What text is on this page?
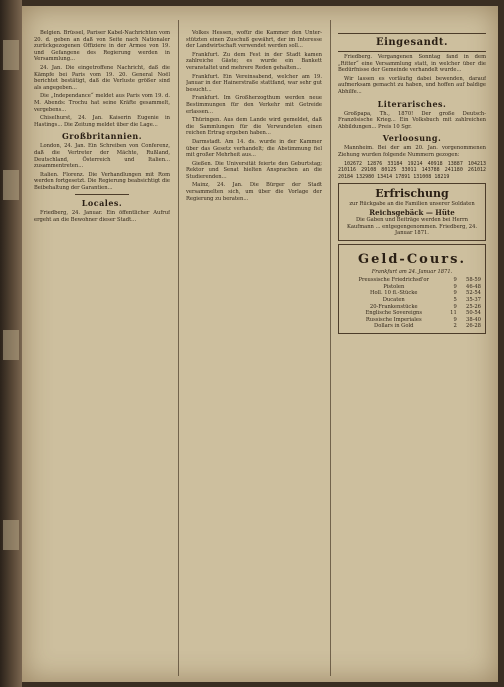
Belgien. Brüssel, Pariser Kabel-Nachrichten vom 20. d. geben an daß von Seite nach Nationaler zurückgezogenen Offiziere in der Armee von 19. und Gefangene des Regierung werden in Versammlung...

24. Jan. Die eingetroffene Nachricht, daß die Kämpfe bei Paris vom 19. 20. General Noël berichtet bestätigt, daß die Verluste größer sind als angegeben...

Die „Independance“ meldet aus Paris vom 19. d. M. Abends: Trochu hat seine Kräfte gesammelt, vergebens...

Chiselhurst, 24. Jan. Kaiserin Eugenie in Hastings... Die Zeitung meldet über die Lage...

Großbritannien.

London, 24. Jan. Ein Schreiben von Conferenz, daß die Vertreter der Mächte, Rußland, Deutschland, Österreich und Italien... zusammentreten...

Italien. Florenz. Die Verhandlungen mit Rom werden fortgesetzt. Die Regierung beabsichtigt die Beibehaltung der Garantien...

Locales.

Friedberg, 24. Januar. Ein öffentlicher Aufruf ergeht an die Bewohner dieser Stadt...

Volkes Hessen, wofür die Kammer den Unterstützten einen Zuschuß gewährt, der im Interesse der Landwirtschaft verwendet werden soll...

Frankfurt. Zu dem Fest in der Stadt kamen zahlreiche Gäste; es wurde ein Bankett veranstaltet und mehrere Reden gehalten...

Frankfurt. Ein Vereinsabend, welcher am 19. Januar in der Hainerstraße stattfand, war sehr gut besucht...

Frankfurt. Im Großherzogthum werden neue Bestimmungen für den Verkehr mit Getreide erlassen...

Thüringen. Aus dem Lande wird gemeldet, daß die Sammlungen für die Verwundeten einen reichen Ertrag ergeben haben...

Darmstadt. Am 14. ds. wurde in der Kammer über das Gesetz verhandelt; die Abstimmung fiel mit großer Mehrheit aus...

Gießen. Die Universität feierte den Geburtstag; Rektor und Senat hielten Ansprachen an die Studierenden...

Mainz, 24. Jan. Die Bürger der Stadt versammelten sich, um über die Vorlage der Regierung zu beraten...

Eingesandt.

Friedberg. Vergangenen Sonntag fand in dem „Ritter“ eine Versammlung statt, in welcher über die Bedürfnisse der Gemeinde verhandelt wurde...

Wir lassen es vorläufig dabei bewenden, darauf aufmerksam gemacht zu haben, und hoffen auf baldige Abhilfe...

Literarisches.

Großpapa, Th., 1870! Der große Deutsch-Französische Krieg... Ein Volksbuch mit zahlreichen Abbildungen... Preis 10 Sgr.

Verloosung.

Mannheim. Bei der am 20. Jan. vorgenommenen Ziehung wurden folgende Nummern gezogen:

102672 12876 33184 19214 40918 13887 104213 210116 29108 80125 33011 143788 241180 261012 20184 132980 13414 17891 131008 18219

Erfrischung
zur Rückgabe an die Familien unserer Soldaten
Reichsgebäck — Hüte
Die Gaben und Beiträge werden bei Herrn Kaufmann ... entgegengenommen. Friedberg, 24. Januar 1871.
Geld-Cours.
Frankfurt am 24. Januar 1871.
Preussische Friedrichsd'or	9	58-59
Pistolen	9	46-48
Holl. 10 fl.-Stücke	9	52-54
Ducaten	5	35-37
20-Frankenstücke	9	25-26
Englische Sovereigns	11	50-54
Russische Imperiales	9	38-40
Dollars in Gold	2	26-28
